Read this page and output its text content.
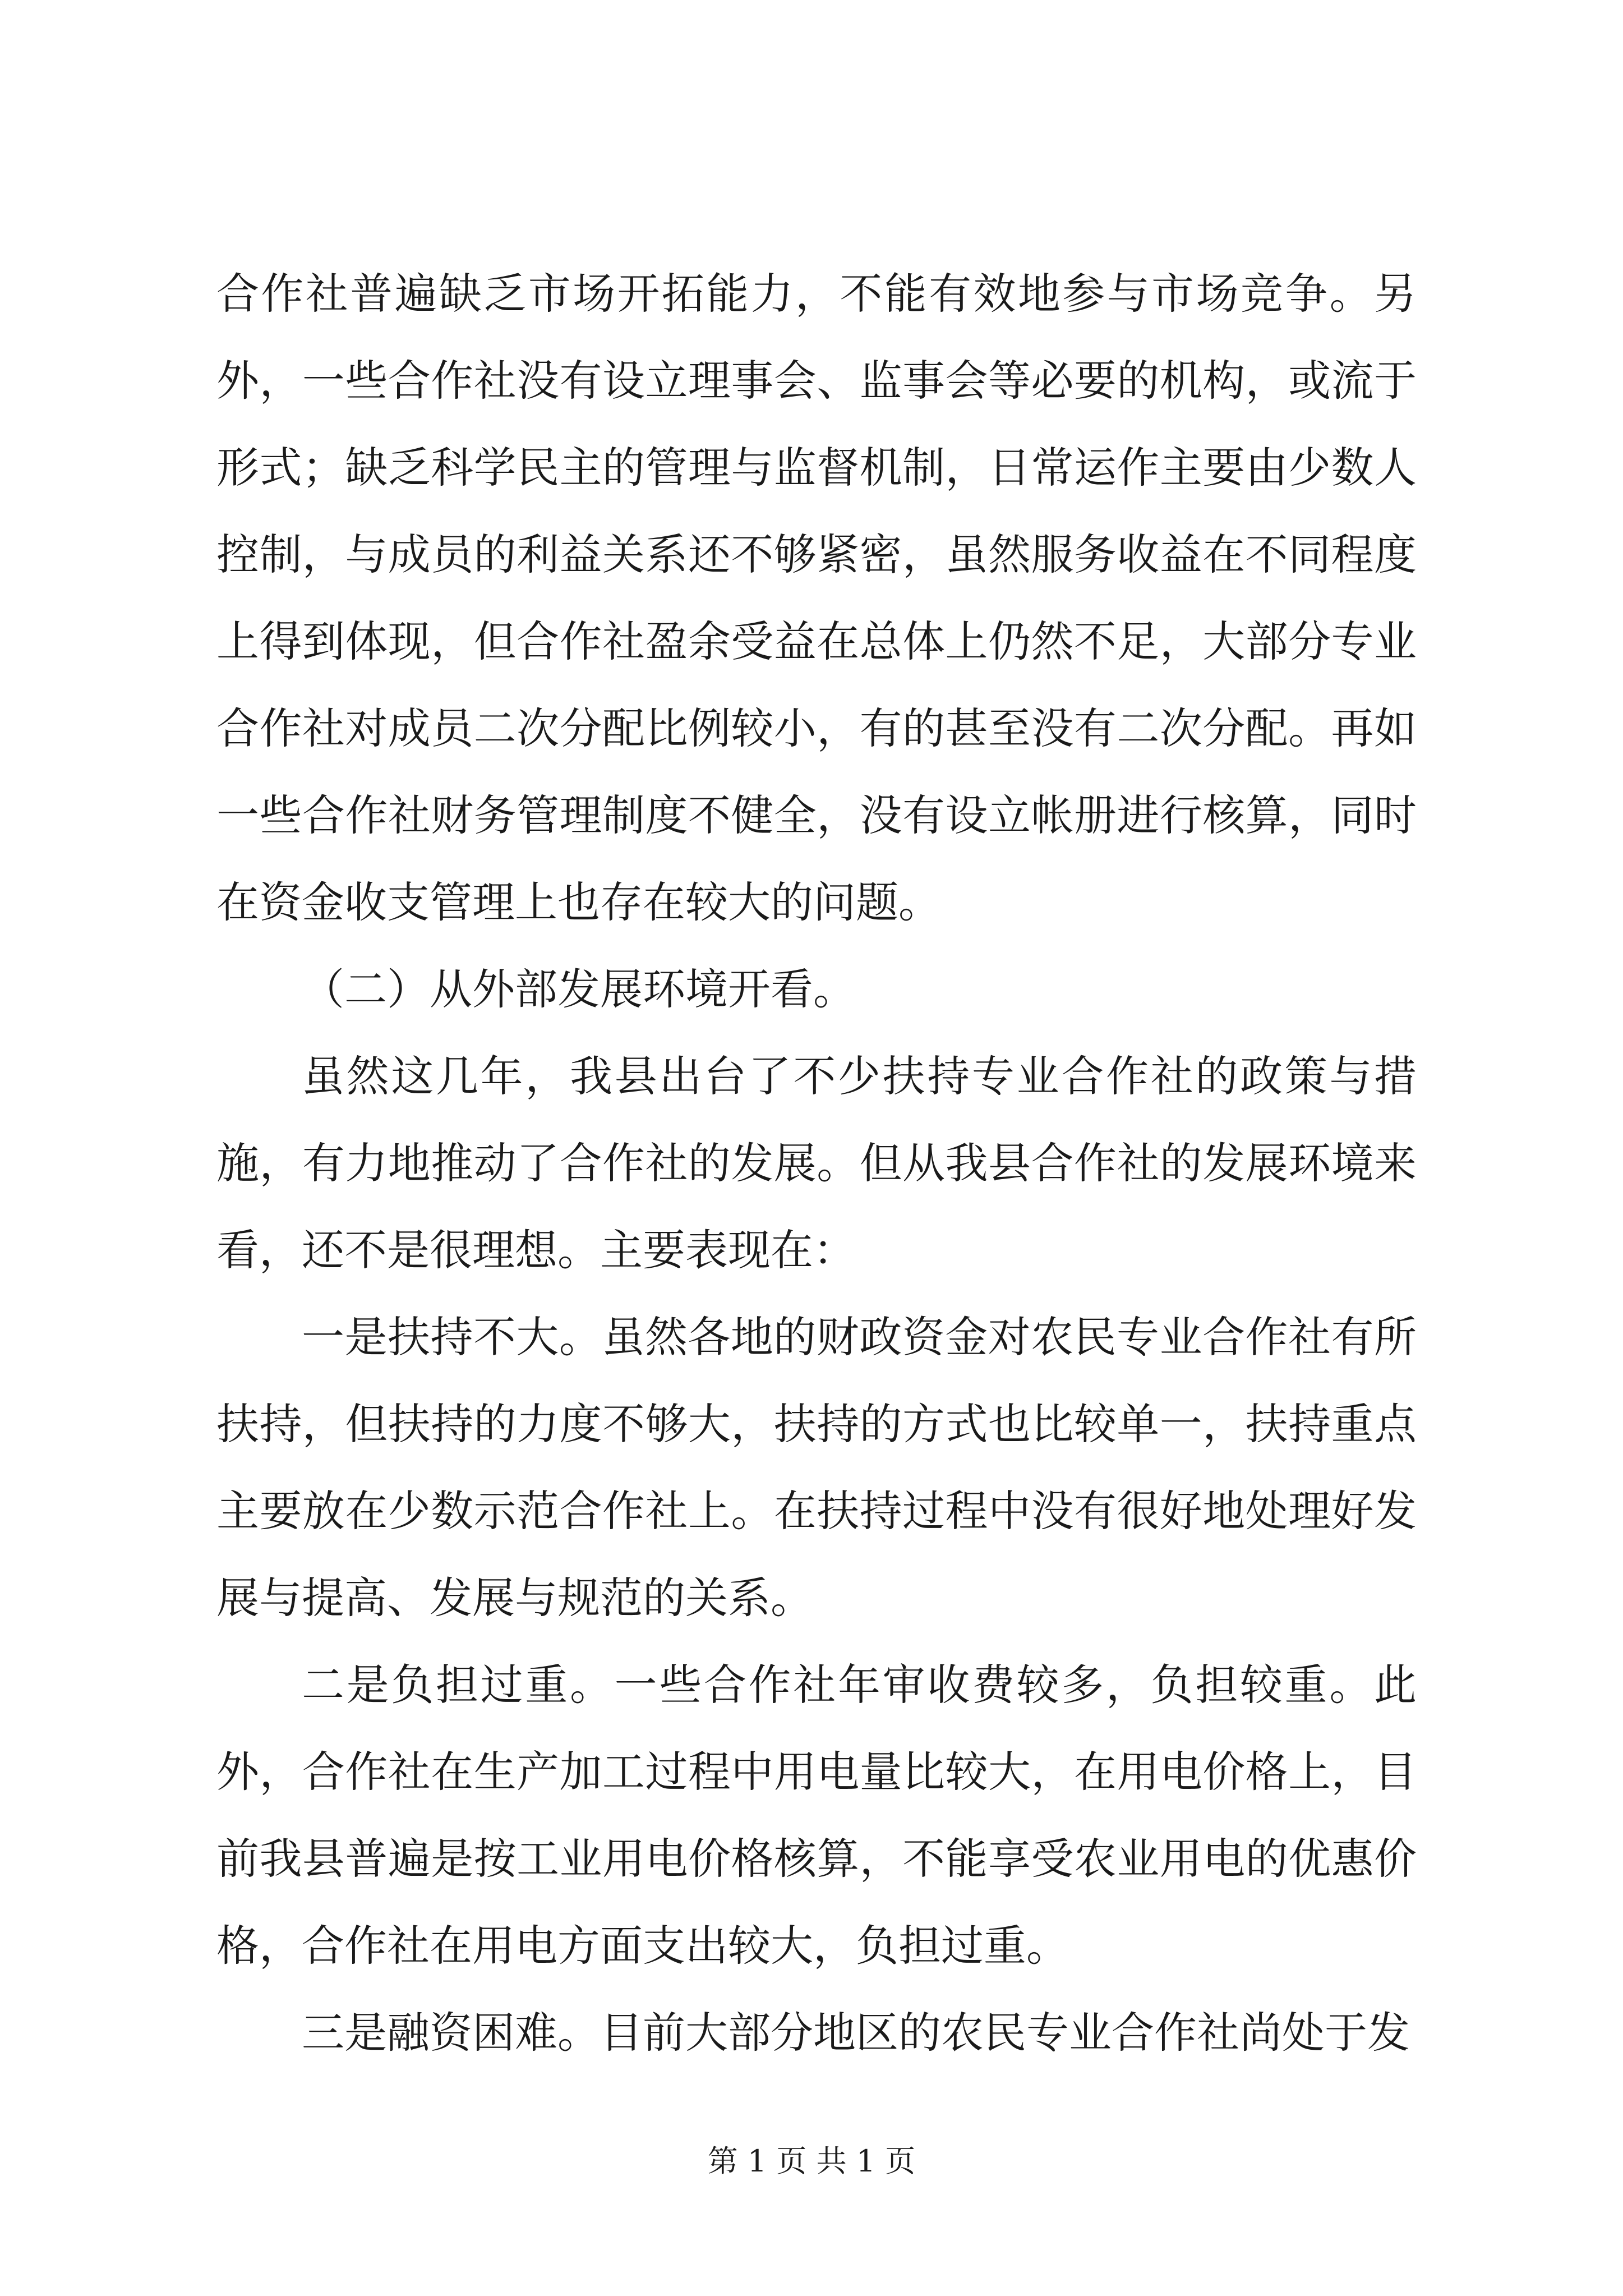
合作社普遍缺乏市场开拓能力，不能有效地参与市场竞争。另外，一些合作社没有设立理事会、监事会等必要的机构，或流于形式；缺乏科学民主的管理与监督机制，日常运作主要由少数人控制，与成员的利益关系还不够紧密，虽然服务收益在不同程度上得到体现，但合作社盈余受益在总体上仍然不足，大部分专业合作社对成员二次分配比例较小，有的甚至没有二次分配。再如一些合作社财务管理制度不健全，没有设立帐册进行核算，同时在资金收支管理上也存在较大的问题。

（二）从外部发展环境开看。

虽然这几年，我县出台了不少扶持专业合作社的政策与措施，有力地推动了合作社的发展。但从我县合作社的发展环境来看，还不是很理想。主要表现在：

一是扶持不大。虽然各地的财政资金对农民专业合作社有所扶持，但扶持的力度不够大，扶持的方式也比较单一，扶持重点主要放在少数示范合作社上。在扶持过程中没有很好地处理好发展与提高、发展与规范的关系。

二是负担过重。一些合作社年审收费较多，负担较重。此外，合作社在生产加工过程中用电量比较大，在用电价格上，目前我县普遍是按工业用电价格核算，不能享受农业用电的优惠价格，合作社在用电方面支出较大，负担过重。

三是融资困难。目前大部分地区的农民专业合作社尚处于发

第 1 页 共 1 页
